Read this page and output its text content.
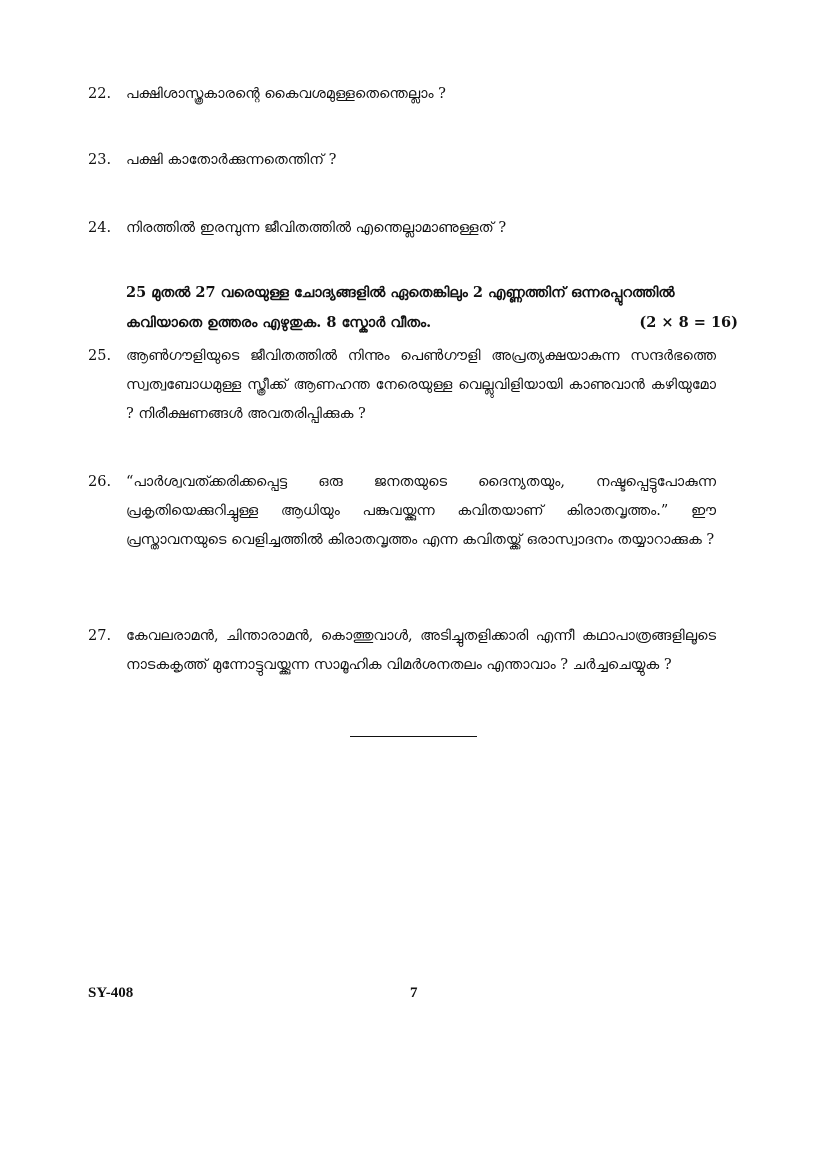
22.	പക്ഷിശാസ്ത്രകാരന്റെ കൈവശമുള്ളതെന്തെല്ലാം ?
23.	പക്ഷി കാതോർക്കുന്നതെന്തിന് ?
24.	നിരത്തിൽ ഇരമ്പുന്ന ജീവിതത്തിൽ എന്തെല്ലാമാണുള്ളത് ?
25 മുതൽ 27 വരെയുള്ള ചോദ്യങ്ങളിൽ ഏതെങ്കിലും 2 എണ്ണത്തിന് ഒന്നരപ്പുറത്തിൽ
(2 × 8 = 16)
കവിയാതെ ഉത്തരം എഴുതുക. 8 സ്കോർ വീതം.
25.	ആൺഗൗളിയുടെ ജീവിതത്തിൽ നിന്നും പെൺഗൗളി അപ്രത്യക്ഷയാകുന്ന സന്ദർഭത്തെ സ്വത്വബോധമുള്ള സ്ത്രീക്ക് ആണഹന്ത നേരെയുള്ള വെല്ലുവിളിയായി കാണുവാൻ കഴിയുമോ ? നിരീക്ഷണങ്ങൾ അവതരിപ്പിക്കുക ?
26.	“പാർശ്വവത്ക്കരിക്കപ്പെട്ട ഒരു ജനതയുടെ ദൈന്യതയും, നഷ്ടപ്പെട്ടുപോകുന്ന പ്രകൃതിയെക്കുറിച്ചുള്ള ആധിയും പങ്കുവയ്ക്കുന്ന കവിതയാണ് കിരാതവൃത്തം.” ഈ പ്രസ്താവനയുടെ വെളിച്ചത്തിൽ കിരാതവൃത്തം എന്ന കവിതയ്ക്ക് ഒരാസ്വാദനം തയ്യാറാക്കുക ?
27.	കേവലരാമൻ, ചിന്താരാമൻ, കൊത്തുവാൾ, അടിച്ചുതളിക്കാരി എന്നീ കഥാപാത്രങ്ങളിലൂടെ നാടകകൃത്ത് മുന്നോട്ടുവയ്ക്കുന്ന സാമൂഹിക വിമർശനതലം എന്താവാം ? ചർച്ചചെയ്യുക ?
SY-408	7
